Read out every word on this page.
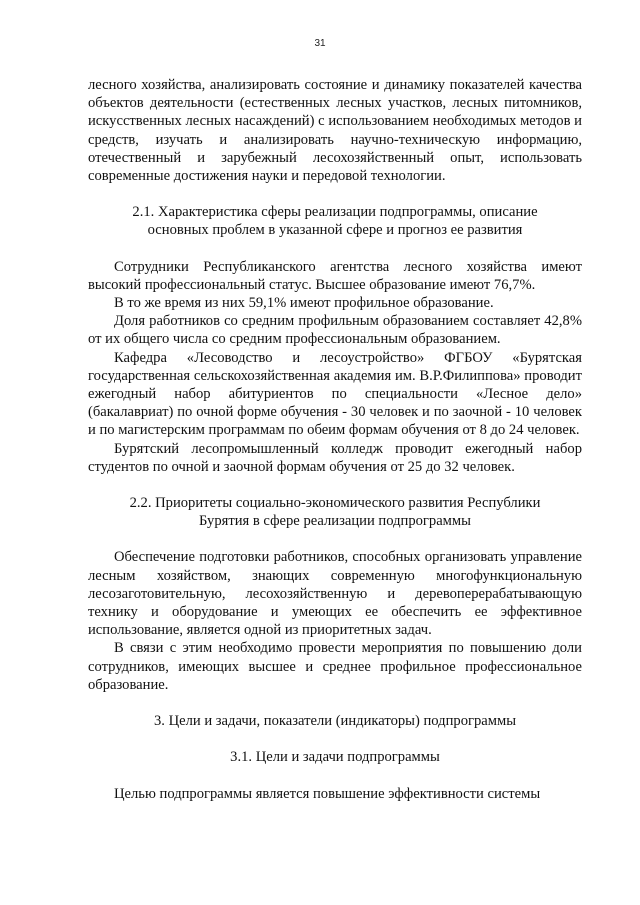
31

лесного хозяйства, анализировать состояние и динамику показателей качества объектов деятельности (естественных лесных участков, лесных питомников, искусственных лесных насаждений) с использованием необходимых методов и средств, изучать и анализировать научно-техническую информацию, отечественный и зарубежный лесохозяйственный опыт, использовать современные достижения науки и передовой технологии.

2.1. Характеристика сферы реализации подпрограммы, описание
основных проблем в указанной сфере и прогноз ее развития

Сотрудники Республиканского агентства лесного хозяйства имеют высокий профессиональный статус. Высшее образование имеют 76,7%.

В то же время из них 59,1% имеют профильное образование.

Доля работников со средним профильным образованием составляет 42,8% от их общего числа со средним профессиональным образованием.

Кафедра «Лесоводство и лесоустройство» ФГБОУ «Бурятская государственная сельскохозяйственная академия им. В.Р.Филиппова» проводит ежегодный набор абитуриентов по специальности «Лесное дело» (бакалавриат) по очной форме обучения - 30 человек и по заочной - 10 человек и по магистерским программам по обеим формам обучения от 8 до 24 человек.

Бурятский лесопромышленный колледж проводит ежегодный набор студентов по очной и заочной формам обучения от 25 до 32 человек.

2.2. Приоритеты социально-экономического развития Республики
Бурятия в сфере реализации подпрограммы

Обеспечение подготовки работников, способных организовать управление лесным хозяйством, знающих современную многофункциональную лесозаготовительную, лесохозяйственную и деревоперерабатывающую технику и оборудование и умеющих ее обеспечить ее эффективное использование, является одной из приоритетных задач.

В связи с этим необходимо провести мероприятия по повышению доли сотрудников, имеющих высшее и среднее профильное профессиональное образование.

3. Цели и задачи, показатели (индикаторы) подпрограммы
3.1. Цели и задачи подпрограммы

Целью подпрограммы является повышение эффективности системы
